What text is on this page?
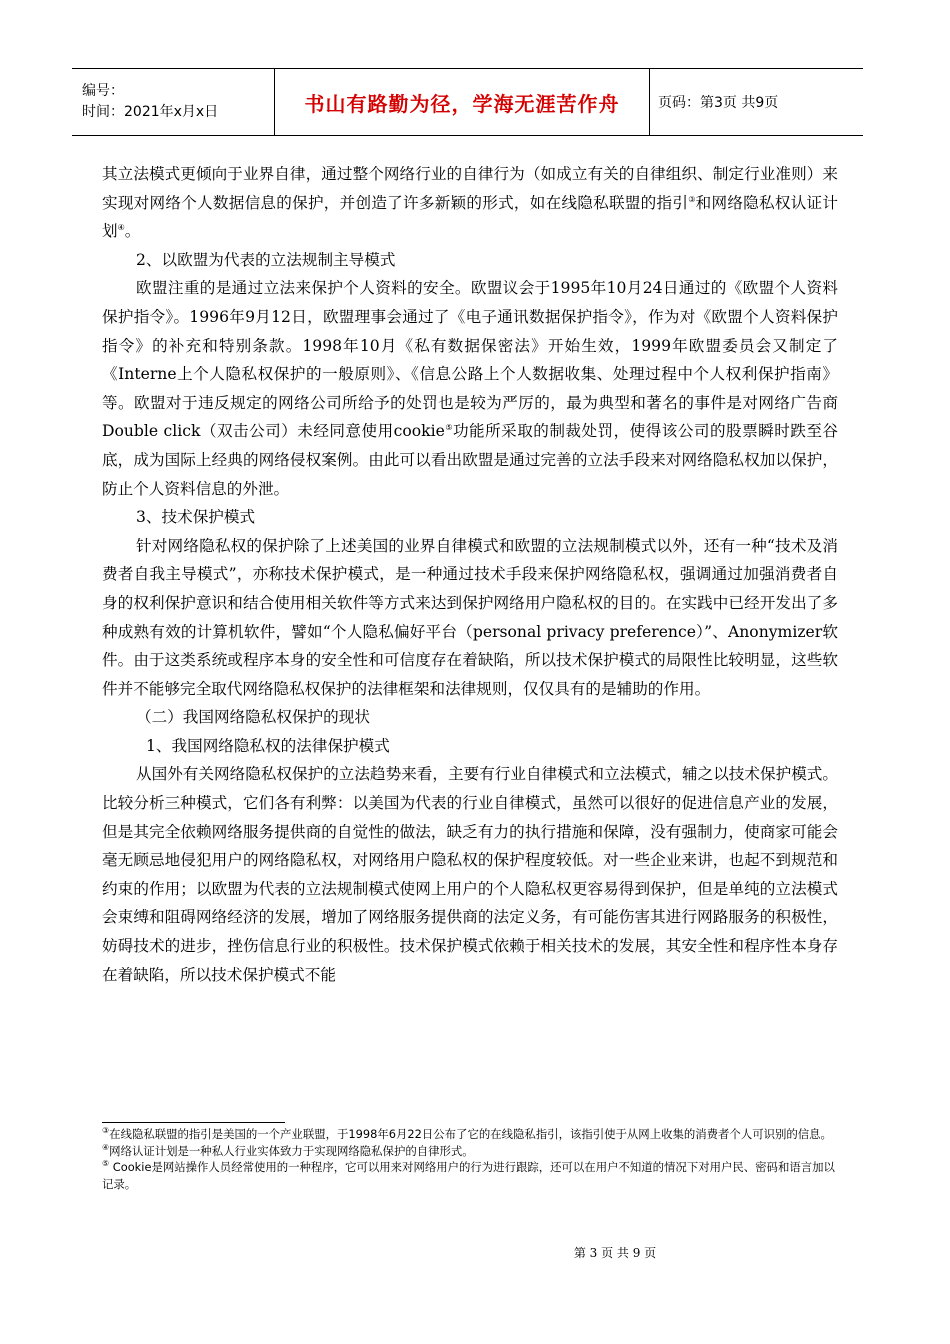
编号：
时间：2021年x月x日	书山有路勤为径，学海无涯苦作舟	页码：第3页 共9页

其立法模式更倾向于业界自律，通过整个网络行业的自律行为（如成立有关的自律组织、制定行业准则）来实现对网络个人数据信息的保护，并创造了许多新颖的形式，如在线隐私联盟的指引③和网络隐私权认证计划④。

2、以欧盟为代表的立法规制主导模式

欧盟注重的是通过立法来保护个人资料的安全。欧盟议会于1995年10月24日通过的《欧盟个人资料保护指令》。1996年9月12日，欧盟理事会通过了《电子通讯数据保护指令》，作为对《欧盟个人资料保护指令》的补充和特别条款。1998年10月《私有数据保密法》开始生效，1999年欧盟委员会又制定了《Interne上个人隐私权保护的一般原则》、《信息公路上个人数据收集、处理过程中个人权利保护指南》等。欧盟对于违反规定的网络公司所给予的处罚也是较为严厉的，最为典型和著名的事件是对网络广告商Double click（双击公司）未经同意使用cookie⑤功能所采取的制裁处罚，使得该公司的股票瞬时跌至谷底，成为国际上经典的网络侵权案例。由此可以看出欧盟是通过完善的立法手段来对网络隐私权加以保护，防止个人资料信息的外泄。

3、技术保护模式

针对网络隐私权的保护除了上述美国的业界自律模式和欧盟的立法规制模式以外，还有一种“技术及消费者自我主导模式”，亦称技术保护模式，是一种通过技术手段来保护网络隐私权，强调通过加强消费者自身的权利保护意识和结合使用相关软件等方式来达到保护网络用户隐私权的目的。在实践中已经开发出了多种成熟有效的计算机软件，譬如“个人隐私偏好平台（personal privacy preference）”、Anonymizer软件。由于这类系统或程序本身的安全性和可信度存在着缺陷，所以技术保护模式的局限性比较明显，这些软件并不能够完全取代网络隐私权保护的法律框架和法律规则，仅仅具有的是辅助的作用。

（二）我国网络隐私权保护的现状

1、我国网络隐私权的法律保护模式

从国外有关网络隐私权保护的立法趋势来看，主要有行业自律模式和立法模式，辅之以技术保护模式。比较分析三种模式，它们各有利弊：以美国为代表的行业自律模式，虽然可以很好的促进信息产业的发展，但是其完全依赖网络服务提供商的自觉性的做法，缺乏有力的执行措施和保障，没有强制力，使商家可能会毫无顾忌地侵犯用户的网络隐私权，对网络用户隐私权的保护程度较低。对一些企业来讲，也起不到规范和约束的作用；以欧盟为代表的立法规制模式使网上用户的个人隐私权更容易得到保护，但是单纯的立法模式会束缚和阻碍网络经济的发展，增加了网络服务提供商的法定义务，有可能伤害其进行网路服务的积极性，妨碍技术的进步，挫伤信息行业的积极性。技术保护模式依赖于相关技术的发展，其安全性和程序性本身存在着缺陷，所以技术保护模式不能

③在线隐私联盟的指引是美国的一个产业联盟，于1998年6月22日公布了它的在线隐私指引，该指引使于从网上收集的消费者个人可识别的信息。

④网络认证计划是一种私人行业实体致力于实现网络隐私保护的自律形式。

⑤ Cookie是网站操作人员经常使用的一种程序，它可以用来对网络用户的行为进行跟踪，还可以在用户不知道的情况下对用户民、密码和语言加以记录。

第 3 页 共 9 页
